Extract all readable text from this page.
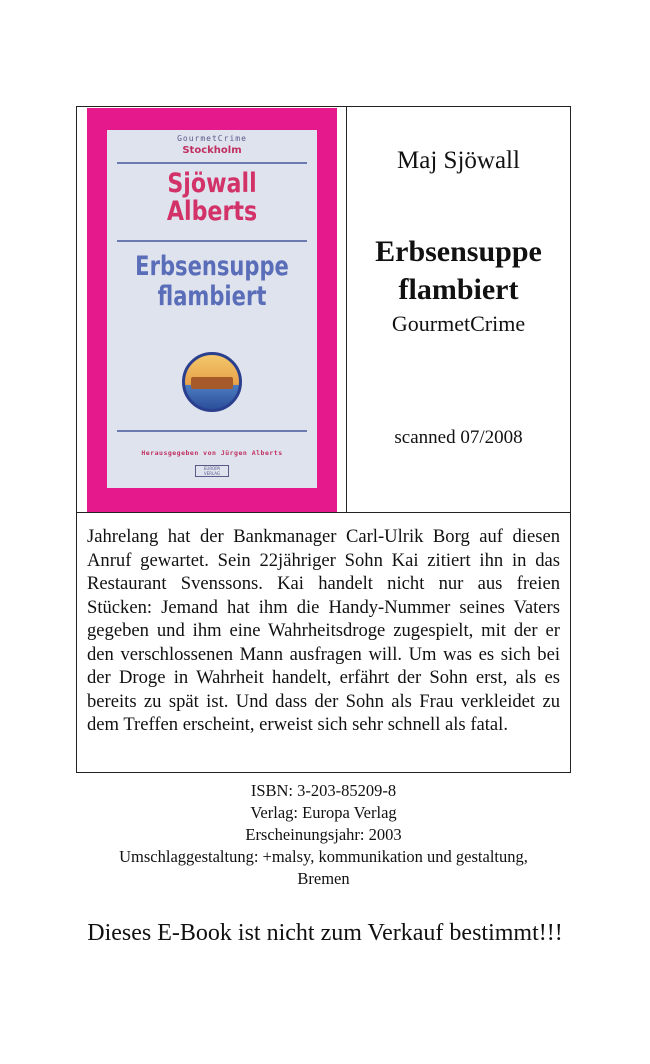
GourmetCrime
Stockholm
Sjöwall
Alberts
Erbsensuppe
flambiert
Herausgegeben von Jürgen Alberts
EUROPA VERLAG
Maj Sjöwall
Erbsensuppe
flambiert
GourmetCrime
scanned 07/2008

Jahrelang hat der Bankmanager Carl-Ulrik Borg auf diesen Anruf gewartet. Sein 22jähriger Sohn Kai zitiert ihn in das Restaurant Svenssons. Kai handelt nicht nur aus freien Stücken: Jemand hat ihm die Handy-Nummer seines Vaters gegeben und ihm eine Wahrheitsdroge zugespielt, mit der er den verschlossenen Mann ausfragen will. Um was es sich bei der Droge in Wahrheit handelt, erfährt der Sohn erst, als es bereits zu spät ist. Und dass der Sohn als Frau verkleidet zu dem Treffen erscheint, erweist sich sehr schnell als fatal.

ISBN: 3-203-85209-8
Verlag: Europa Verlag
Erscheinungsjahr: 2003
Umschlaggestaltung: +malsy, kommunikation und gestaltung,
Bremen
Dieses E-Book ist nicht zum Verkauf bestimmt!!!
